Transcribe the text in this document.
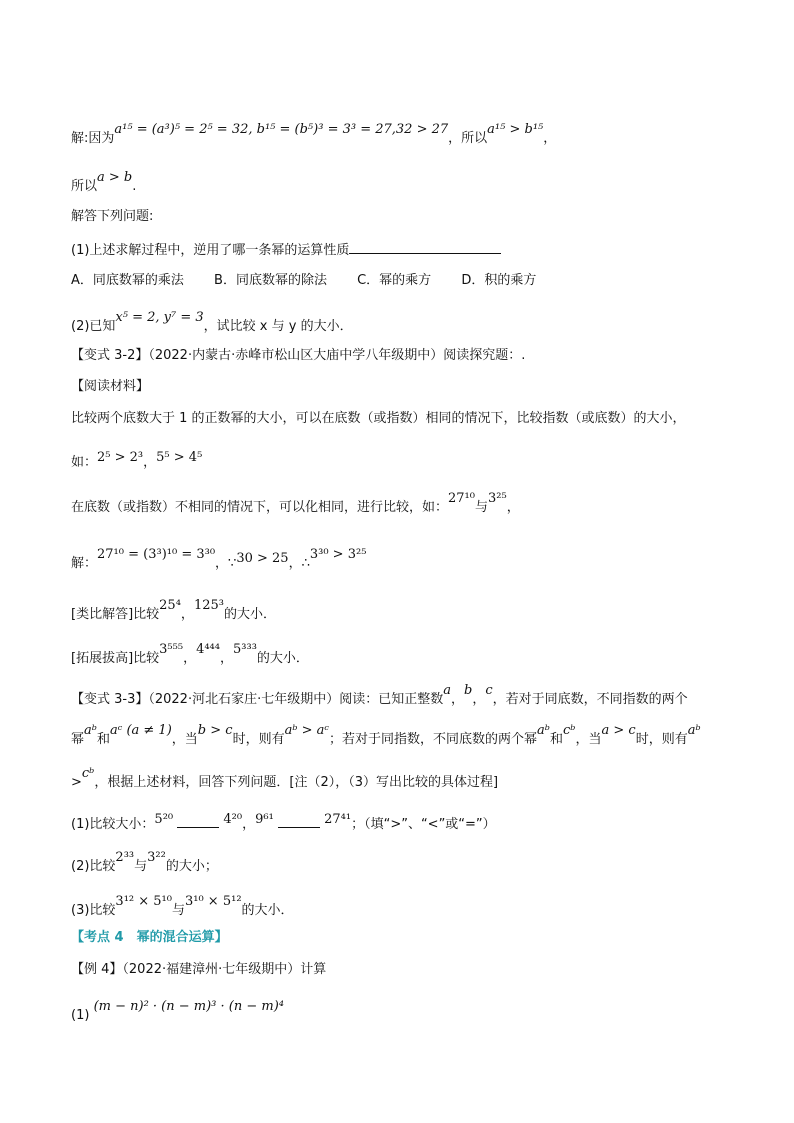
解:因为a¹⁵ = (a³)⁵ = 2⁵ = 32, b¹⁵ = (b⁵)³ = 3³ = 27,32 > 27，所以a¹⁵ > b¹⁵，
所以a > b.
解答下列问题:
(1)上述求解过程中，逆用了哪一条幂的运算性质
A．同底数幂的乘法 B．同底数幂的除法 C．幂的乘方 D．积的乘方
(2)已知x⁵ = 2, y⁷ = 3，试比较 x 与 y 的大小．
【变式 3-2】（2022·内蒙古·赤峰市松山区大庙中学八年级期中）阅读探究题：.
【阅读材料】
比较两个底数大于 1 的正数幂的大小，可以在底数（或指数）相同的情况下，比较指数（或底数）的大小，
如：2⁵ > 2³，5⁵ > 4⁵
在底数（或指数）不相同的情况下，可以化相同，进行比较，如：27¹⁰与3²⁵，
解：27¹⁰ = (3³)¹⁰ = 3³⁰，∵30 > 25，∴3³⁰ > 3²⁵
[类比解答]比较25⁴，125³的大小．
[拓展拔高]比较3⁵⁵⁵，4⁴⁴⁴，5³³³的大小．
【变式 3-3】（2022·河北石家庄·七年级期中）阅读：已知正整数a，b，c，若对于同底数，不同指数的两个
幂aᵇ和aᶜ (a ≠ 1)，当b > c时，则有aᵇ > aᶜ；若对于同指数，不同底数的两个幂aᵇ和cᵇ，当a > c时，则有aᵇ
>cᵇ，根据上述材料，回答下列问题．[注（2），（3）写出比较的具体过程]
(1)比较大小：5²⁰	4²⁰，9⁶¹	27⁴¹；（填“>”、“<”或“=”）
(2)比较2³³与3²²的大小；
(3)比较3¹² × 5¹⁰与3¹⁰ × 5¹²的大小．
【考点 4　幂的混合运算】
【例 4】（2022·福建漳州·七年级期中）计算
(1) (m − n)² · (n − m)³ · (n − m)⁴
